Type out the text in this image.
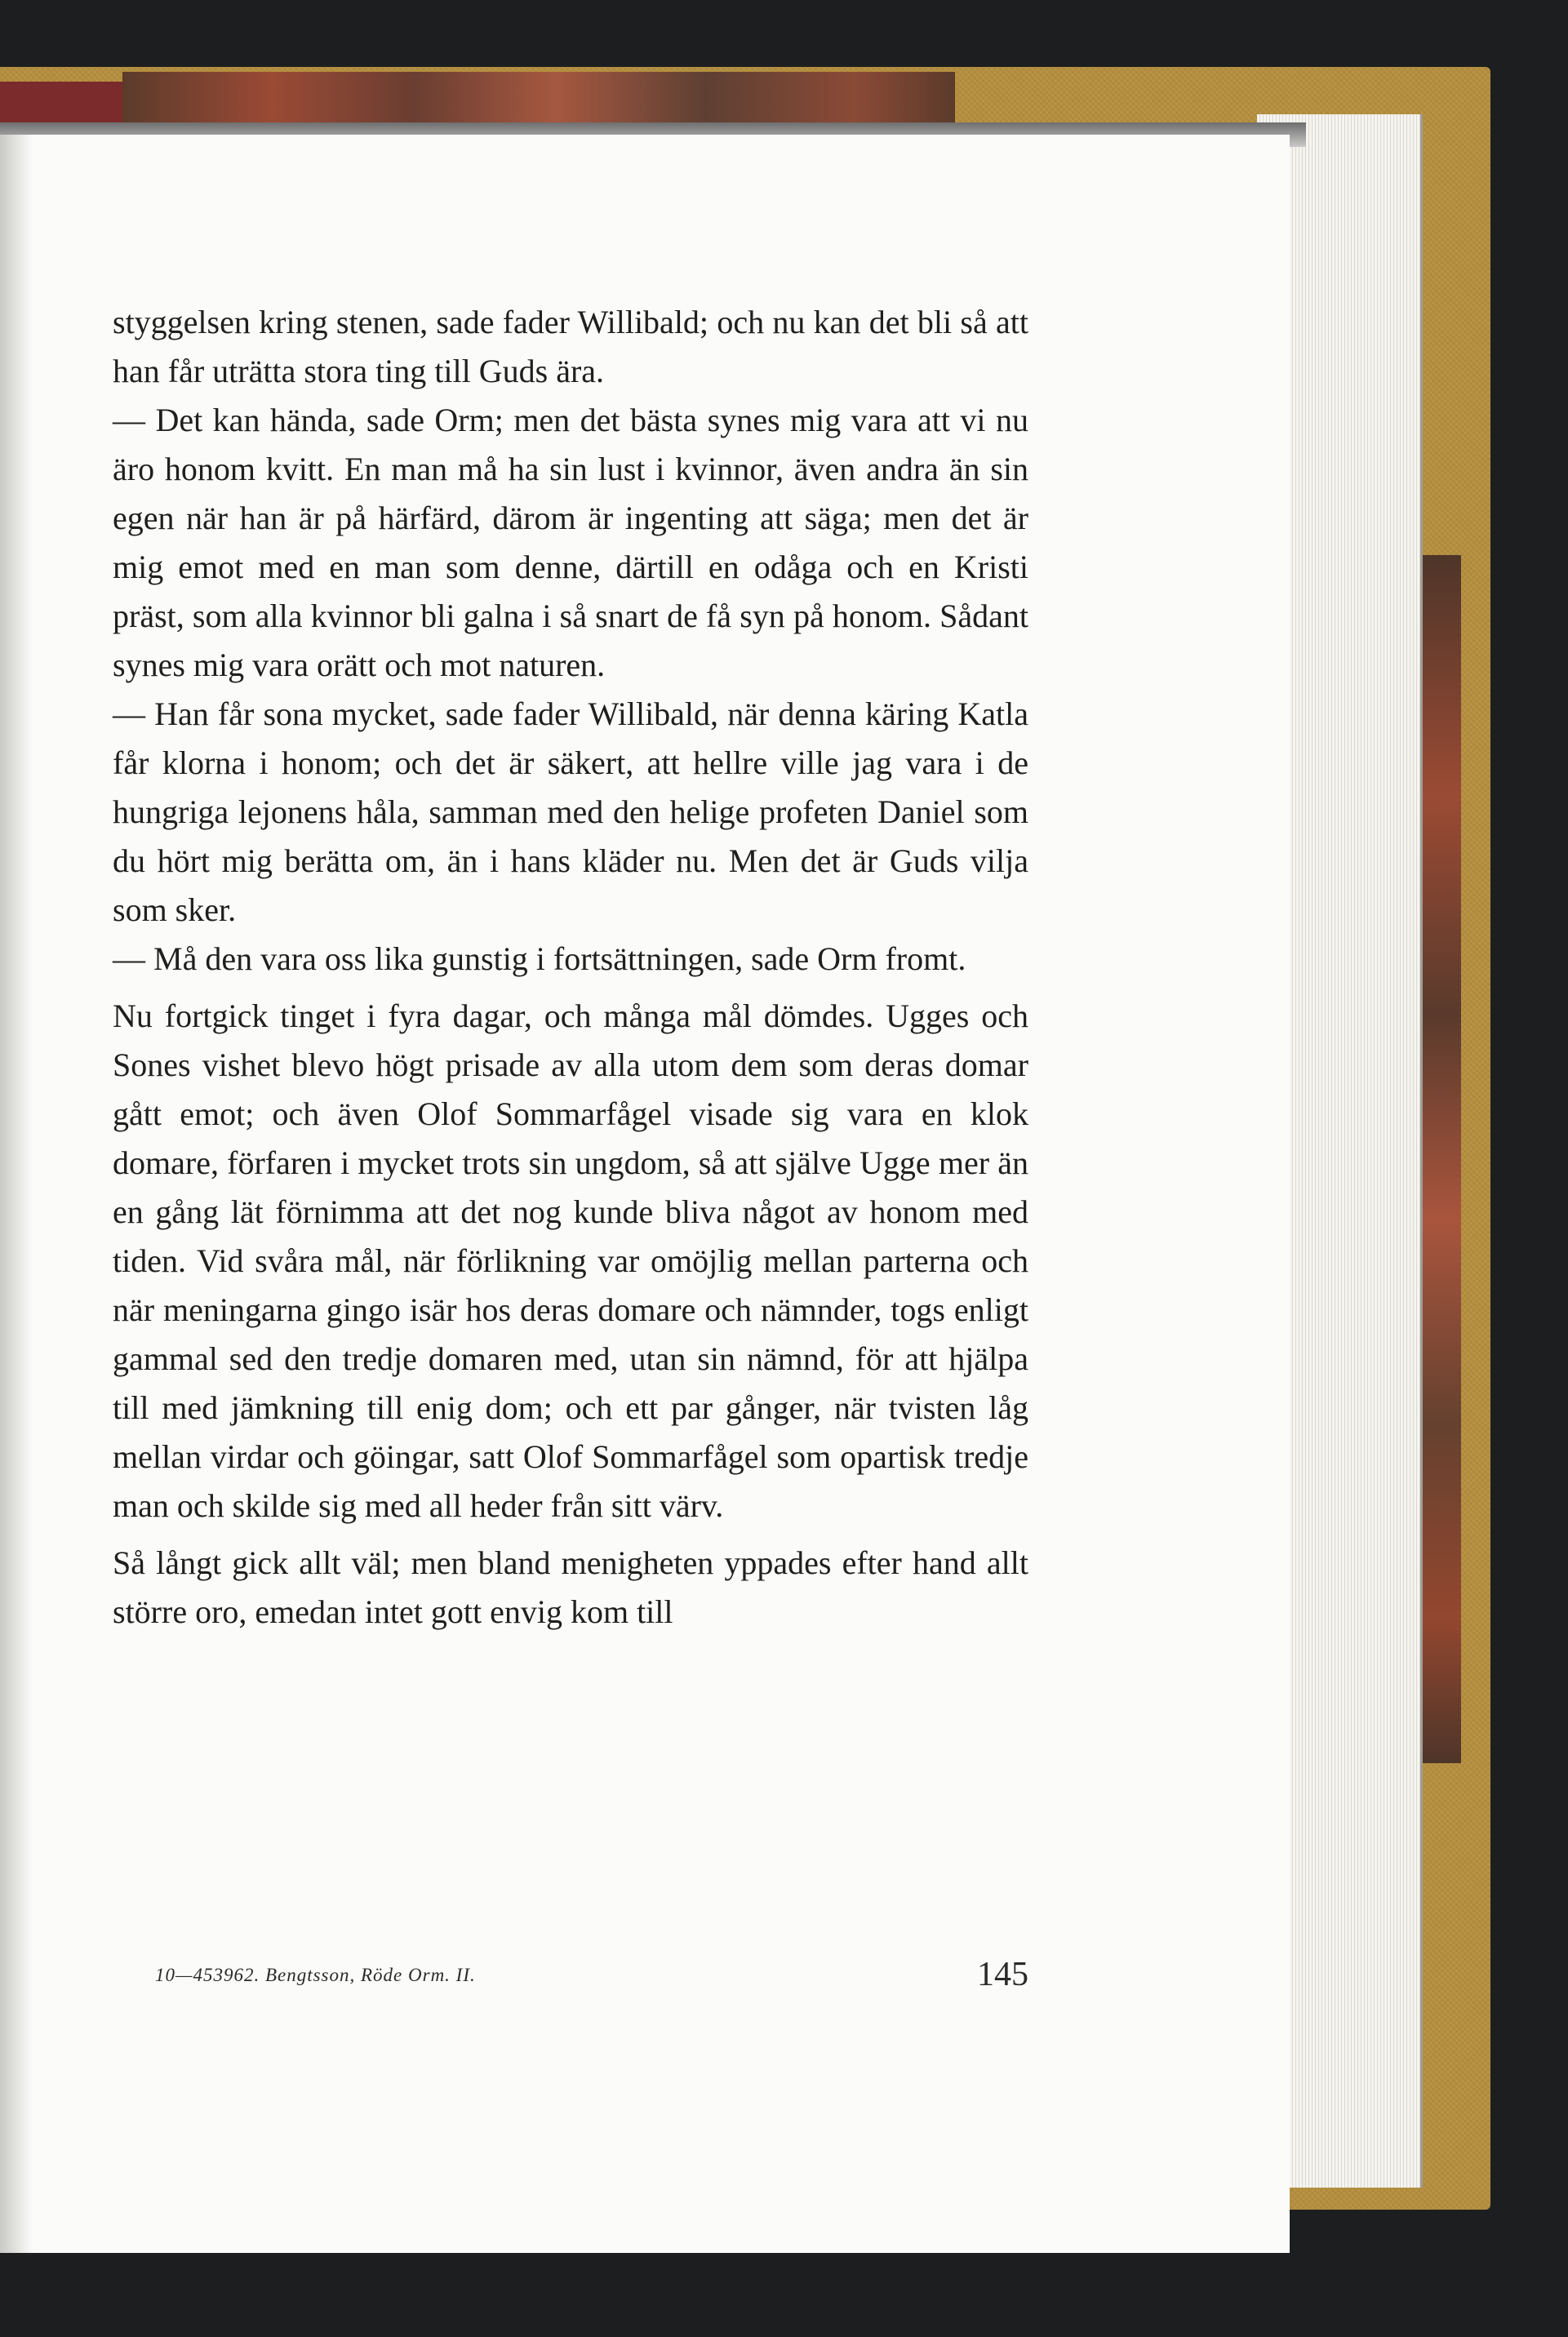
styggelsen kring stenen, sade fader Willibald; och nu kan det bli så att han får uträtta stora ting till Guds ära.

— Det kan hända, sade Orm; men det bästa synes mig vara att vi nu äro honom kvitt. En man må ha sin lust i kvinnor, även andra än sin egen när han är på härfärd, därom är ingenting att säga; men det är mig emot med en man som denne, därtill en odåga och en Kristi präst, som alla kvinnor bli galna i så snart de få syn på honom. Sådant synes mig vara orätt och mot naturen.

— Han får sona mycket, sade fader Willibald, när denna käring Katla får klorna i honom; och det är säkert, att hellre ville jag vara i de hungriga lejonens håla, samman med den helige profeten Daniel som du hört mig berätta om, än i hans kläder nu. Men det är Guds vilja som sker.

— Må den vara oss lika gunstig i fortsättningen, sade Orm fromt.

Nu fortgick tinget i fyra dagar, och många mål dömdes. Ugges och Sones vishet blevo högt prisade av alla utom dem som deras domar gått emot; och även Olof Sommarfågel visade sig vara en klok domare, förfaren i mycket trots sin ungdom, så att själve Ugge mer än en gång lät förnimma att det nog kunde bliva något av honom med tiden. Vid svåra mål, när förlikning var omöjlig mellan parterna och när meningarna gingo isär hos deras domare och nämnder, togs enligt gammal sed den tredje domaren med, utan sin nämnd, för att hjälpa till med jämkning till enig dom; och ett par gånger, när tvisten låg mellan virdar och göingar, satt Olof Sommarfågel som opartisk tredje man och skilde sig med all heder från sitt värv.

Så långt gick allt väl; men bland menigheten yppades efter hand allt större oro, emedan intet gott envig kom till

10—453962. Bengtsson, Röde Orm. II.	145
